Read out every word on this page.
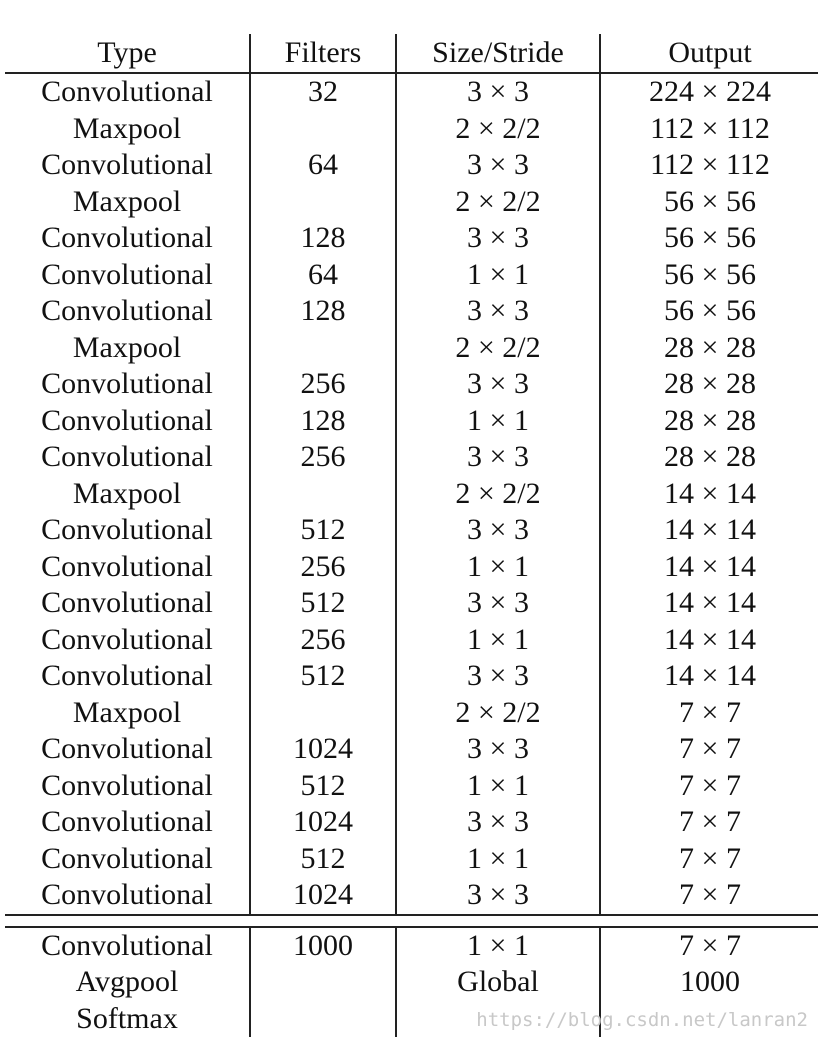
Type	Filters	Size/Stride	Output
Convolutional	32	3 × 3	224 × 224
Maxpool		2 × 2/2	112 × 112
Convolutional	64	3 × 3	112 × 112
Maxpool		2 × 2/2	56 × 56
Convolutional	128	3 × 3	56 × 56
Convolutional	64	1 × 1	56 × 56
Convolutional	128	3 × 3	56 × 56
Maxpool		2 × 2/2	28 × 28
Convolutional	256	3 × 3	28 × 28
Convolutional	128	1 × 1	28 × 28
Convolutional	256	3 × 3	28 × 28
Maxpool		2 × 2/2	14 × 14
Convolutional	512	3 × 3	14 × 14
Convolutional	256	1 × 1	14 × 14
Convolutional	512	3 × 3	14 × 14
Convolutional	256	1 × 1	14 × 14
Convolutional	512	3 × 3	14 × 14
Maxpool		2 × 2/2	7 × 7
Convolutional	1024	3 × 3	7 × 7
Convolutional	512	1 × 1	7 × 7
Convolutional	1024	3 × 3	7 × 7
Convolutional	512	1 × 1	7 × 7
Convolutional	1024	3 × 3	7 × 7

Convolutional	1000	1 × 1	7 × 7
Avgpool		Global	1000
Softmax				https://blog.csdn.net/lanran2
